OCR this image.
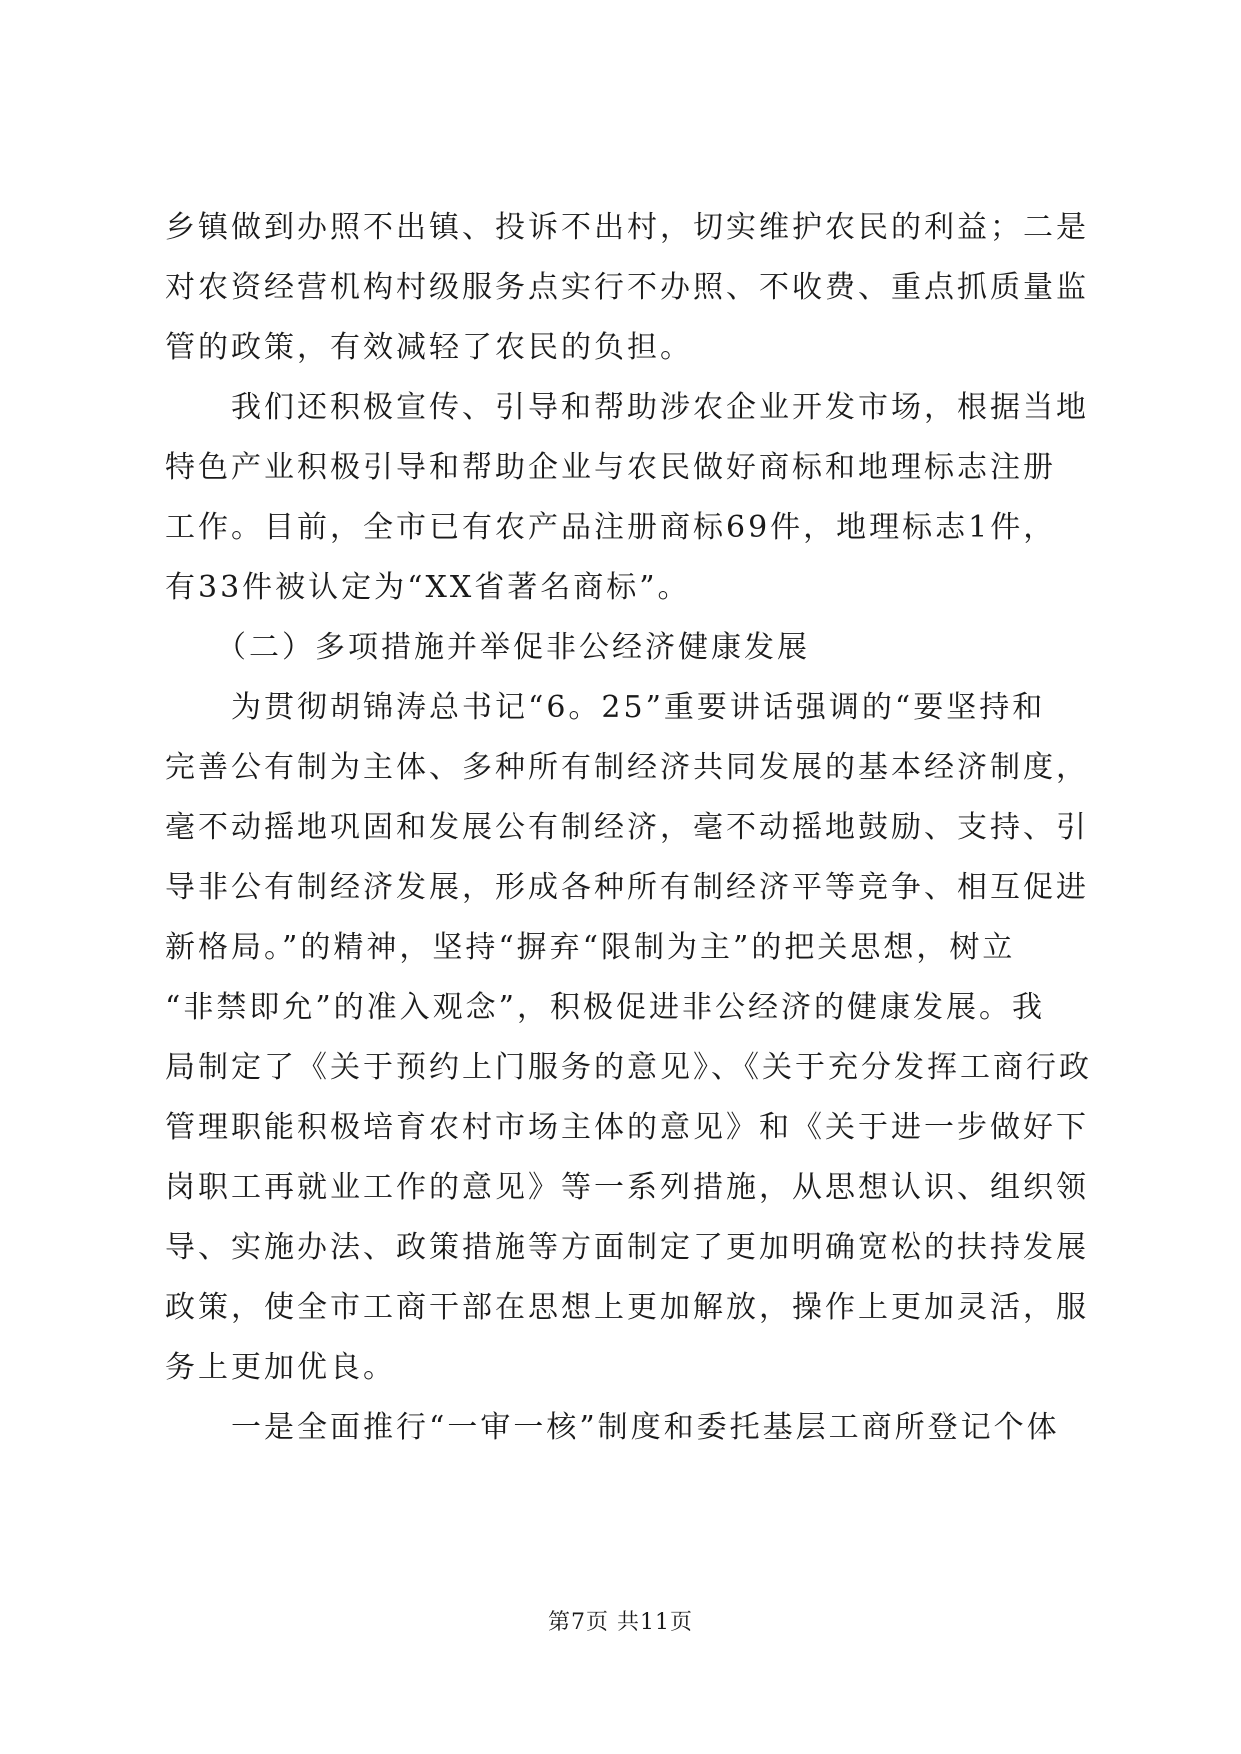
乡镇做到办照不出镇、投诉不出村，切实维护农民的利益；二是
对农资经营机构村级服务点实行不办照、不收费、重点抓质量监
管的政策，有效减轻了农民的负担。
　　我们还积极宣传、引导和帮助涉农企业开发市场，根据当地
特色产业积极引导和帮助企业与农民做好商标和地理标志注册
工作。目前，全市已有农产品注册商标69件，地理标志1件，
有33件被认定为“XX省著名商标”。
　　（二）多项措施并举促非公经济健康发展
　　为贯彻胡锦涛总书记“6。25”重要讲话强调的“要坚持和
完善公有制为主体、多种所有制经济共同发展的基本经济制度，
毫不动摇地巩固和发展公有制经济，毫不动摇地鼓励、支持、引
导非公有制经济发展，形成各种所有制经济平等竞争、相互促进
新格局。”的精神，坚持“摒弃“限制为主”的把关思想，树立
“非禁即允”的准入观念”，积极促进非公经济的健康发展。我
局制定了《关于预约上门服务的意见》、《关于充分发挥工商行政
管理职能积极培育农村市场主体的意见》和《关于进一步做好下
岗职工再就业工作的意见》等一系列措施，从思想认识、组织领
导、实施办法、政策措施等方面制定了更加明确宽松的扶持发展
政策，使全市工商干部在思想上更加解放，操作上更加灵活，服
务上更加优良。
　　一是全面推行“一审一核”制度和委托基层工商所登记个体
第7页 共11页
